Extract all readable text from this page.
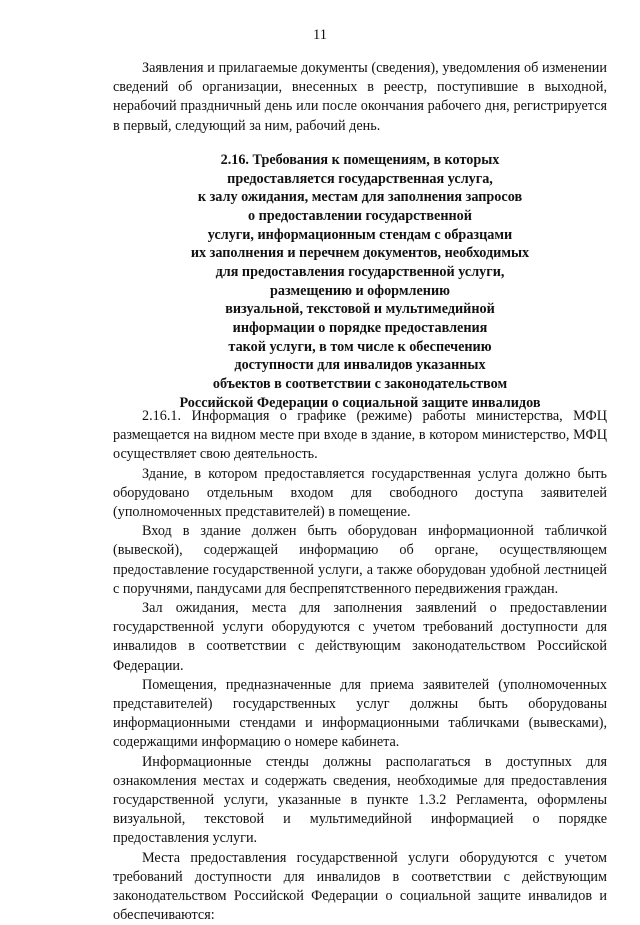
11

Заявления и прилагаемые документы (сведения), уведомления об изменении сведений об организации, внесенных в реестр, поступившие в выходной, нерабочий праздничный день или после окончания рабочего дня, регистрируется в первый, следующий за ним, рабочий день.

2.16. Требования к помещениям, в которых
предоставляется государственная услуга,
к залу ожидания, местам для заполнения запросов
о предоставлении государственной
услуги, информационным стендам с образцами
их заполнения и перечнем документов, необходимых
для предоставления государственной услуги,
размещению и оформлению
визуальной, текстовой и мультимедийной
информации о порядке предоставления
такой услуги, в том числе к обеспечению
доступности для инвалидов указанных
объектов в соответствии с законодательством
Российской Федерации о социальной защите инвалидов

2.16.1. Информация о графике (режиме) работы министерства, МФЦ размещается на видном месте при входе в здание, в котором министерство, МФЦ осуществляет свою деятельность.

Здание, в котором предоставляется государственная услуга должно быть оборудовано отдельным входом для свободного доступа заявителей (уполномоченных представителей) в помещение.

Вход в здание должен быть оборудован информационной табличкой (вывеской), содержащей информацию об органе, осуществляющем предоставление государственной услуги, а также оборудован удобной лестницей с поручнями, пандусами для беспрепятственного передвижения граждан.

Зал ожидания, места для заполнения заявлений о предоставлении государственной услуги оборудуются с учетом требований доступности для инвалидов в соответствии с действующим законодательством Российской Федерации.

Помещения, предназначенные для приема заявителей (уполномоченных представителей) государственных услуг должны быть оборудованы информационными стендами и информационными табличками (вывесками), содержащими информацию о номере кабинета.

Информационные стенды должны располагаться в доступных для ознакомления местах и содержать сведения, необходимые для предоставления государственной услуги, указанные в пункте 1.3.2 Регламента, оформлены визуальной, текстовой и мультимедийной информацией о порядке предоставления услуги.

Места предоставления государственной услуги оборудуются с учетом требований доступности для инвалидов в соответствии с действующим законодательством Российской Федерации о социальной защите инвалидов и обеспечиваются:
